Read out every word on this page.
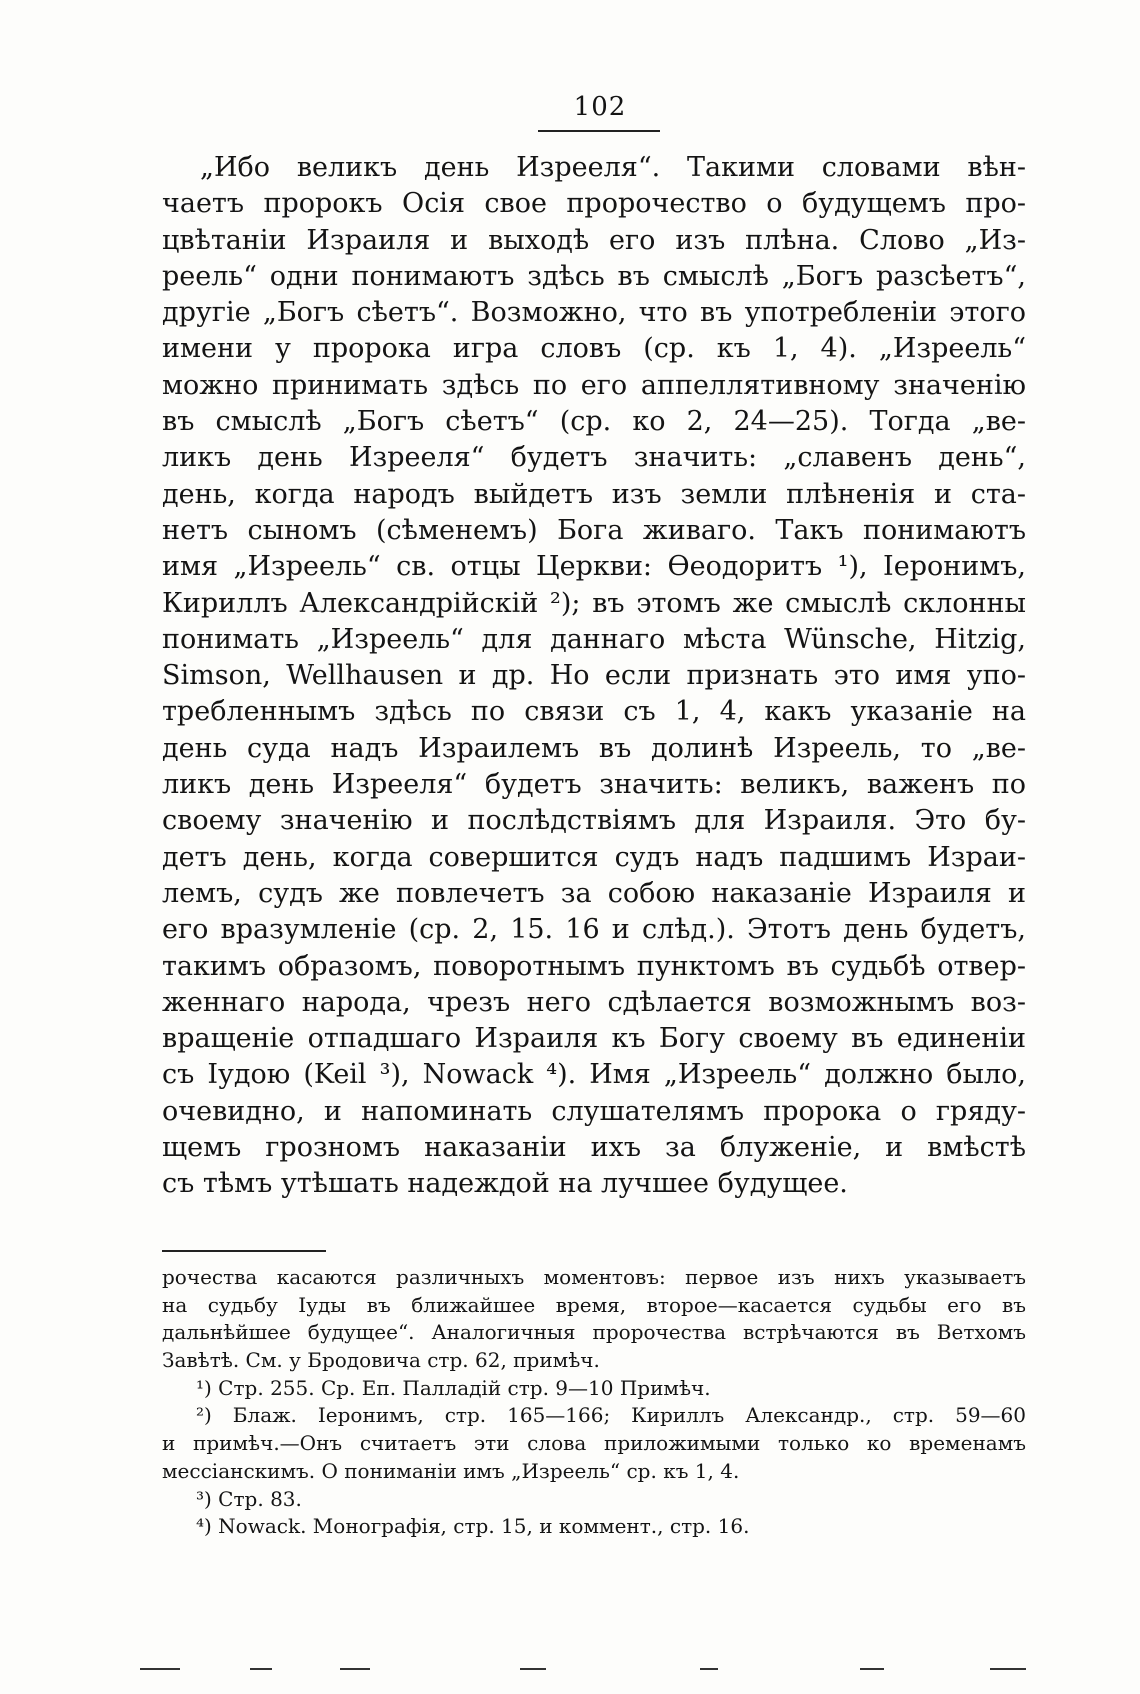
102
„Ибо великъ день Изрееля“. Такими словами вѣн-
чаетъ пророкъ Осія свое пророчество о будущемъ про-
цвѣтаніи Израиля и выходѣ его изъ плѣна. Слово „Из-
реель“ одни понимаютъ здѣсь въ смыслѣ „Богъ разсѣетъ“,
другіе „Богъ сѣетъ“. Возможно, что въ употребленіи этого
имени у пророка игра словъ (ср. къ 1, 4). „Изреель“
можно принимать здѣсь по его аппеллятивному значенію
въ смыслѣ „Богъ сѣетъ“ (ср. ко 2, 24—25). Тогда „ве-
ликъ день Изрееля“ будетъ значить: „славенъ день“,
день, когда народъ выйдетъ изъ земли плѣненія и ста-
нетъ сыномъ (сѣменемъ) Бога живаго. Такъ понимаютъ
имя „Изреель“ св. отцы Церкви: Ѳеодоритъ ¹), Іеронимъ,
Кириллъ Александрійскій ²); въ этомъ же смыслѣ склонны
понимать „Изреель“ для даннаго мѣста Wünsche, Hitzig,
Simson, Wellhausen и др. Но если признать это имя упо-
требленнымъ здѣсь по связи съ 1, 4, какъ указаніе на
день суда надъ Израилемъ въ долинѣ Изреель, то „ве-
ликъ день Изрееля“ будетъ значить: великъ, важенъ по
своему значенію и послѣдствіямъ для Израиля. Это бу-
детъ день, когда совершится судъ надъ падшимъ Израи-
лемъ, судъ же повлечетъ за собою наказаніе Израиля и
его вразумленіе (ср. 2, 15. 16 и слѣд.). Этотъ день будетъ,
такимъ образомъ, поворотнымъ пунктомъ въ судьбѣ отвер-
женнаго народа, чрезъ него сдѣлается возможнымъ воз-
вращеніе отпадшаго Израиля къ Богу своему въ единеніи
съ Іудою (Keil ³), Nowack ⁴). Имя „Изреель“ должно было,
очевидно, и напоминать слушателямъ пророка о гряду-
щемъ грозномъ наказаніи ихъ за блуженіе, и вмѣстѣ
съ тѣмъ утѣшать надеждой на лучшее будущее.
рочества касаются различныхъ моментовъ: первое изъ нихъ указываетъ
на судьбу Іуды въ ближайшее время, второе—касается судьбы его въ
дальнѣйшее будущее“. Аналогичныя пророчества встрѣчаются въ Ветхомъ
Завѣтѣ. См. у Бродовича стр. 62, примѣч.
¹) Стр. 255. Ср. Еп. Палладій стр. 9—10 Примѣч.
²) Блаж. Іеронимъ, стр. 165—166; Кириллъ Александр., стр. 59—60
и примѣч.—Онъ считаетъ эти слова приложимыми только ко временамъ
мессіанскимъ. О пониманіи имъ „Изреель“ ср. къ 1, 4.
³) Стр. 83.
⁴) Nowack. Монографія, стр. 15, и коммент., стр. 16.
